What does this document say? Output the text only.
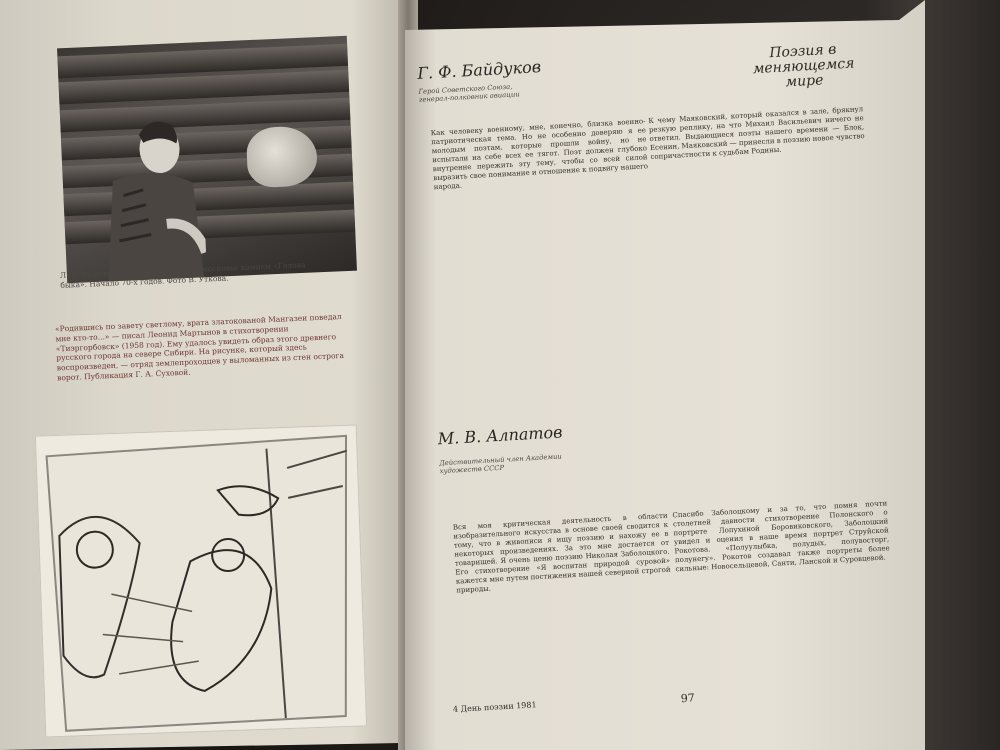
Л. Н. Мартынов с найденным в Подмосковье камнем «Голова быка». Начало 70-х годов. Фото В. Уткова.
«Родившись по завету светлому, врата златокованой Мангазеи поведал мне кто-то...» — писал Леонид Мартынов в стихотворении «Тиэргорбовск» (1958 год). Ему удалось увидеть образ этого древнего русского города на севере Сибири. На рисунке, который здесь воспроизведен, — отряд землепроходцев у выломанных из стен острога ворот. Публикация Г. А. Суховой.
Г. Ф. Байдуков
Герой Советского Союза, генерал-полковник авиации
Поэзия в меняющемся мире
Как человеку военному, мне, конечно, близка военно-патриотическая тема. Но не особенно доверяю я ее молодым поэтам, которые прошли войну, но не испытали на себе всех ее тягот. Поэт должен глубоко внутренне пережить эту тему, чтобы со всей силой выразить свое понимание и отношение к подвигу нашего народа.
К чему Маяковский, который оказался в зале, брякнул резкую реплику, на что Михаил Васильевич ничего не ответил. Выдающиеся поэты нашего времени — Блок, Есенин, Маяковский — принесли в поэзию новое чувство сопричастности к судьбам Родины.
М. В. Алпатов
Действительный член Академии художеств СССР
Вся моя критическая деятельность в области изобразительного искусства в основе своей сводится к тому, что в живописи я ищу поэзию и нахожу ее в некоторых произведениях. За это мне достается от товарищей. Я очень ценю поэзию Николая Заболоцкого. Его стихотворение «Я воспитан природой суровой» кажется мне путем постижения нашей северной строгой природы.
Спасибо Заболоцкому и за то, что помня почти столетней давности стихотворение Полонского о портрете Лопухиной Боровиковского, Заболоцкий увидел и оценил в наше время портрет Струйской Рокотова. «Полуулыбка, полудых, полувосторг, полунегу». Рокотов создавал также портреты более сильные: Новосельцевой, Санти, Ланской и Суровцевой.
4 День поэзии 1981
97
